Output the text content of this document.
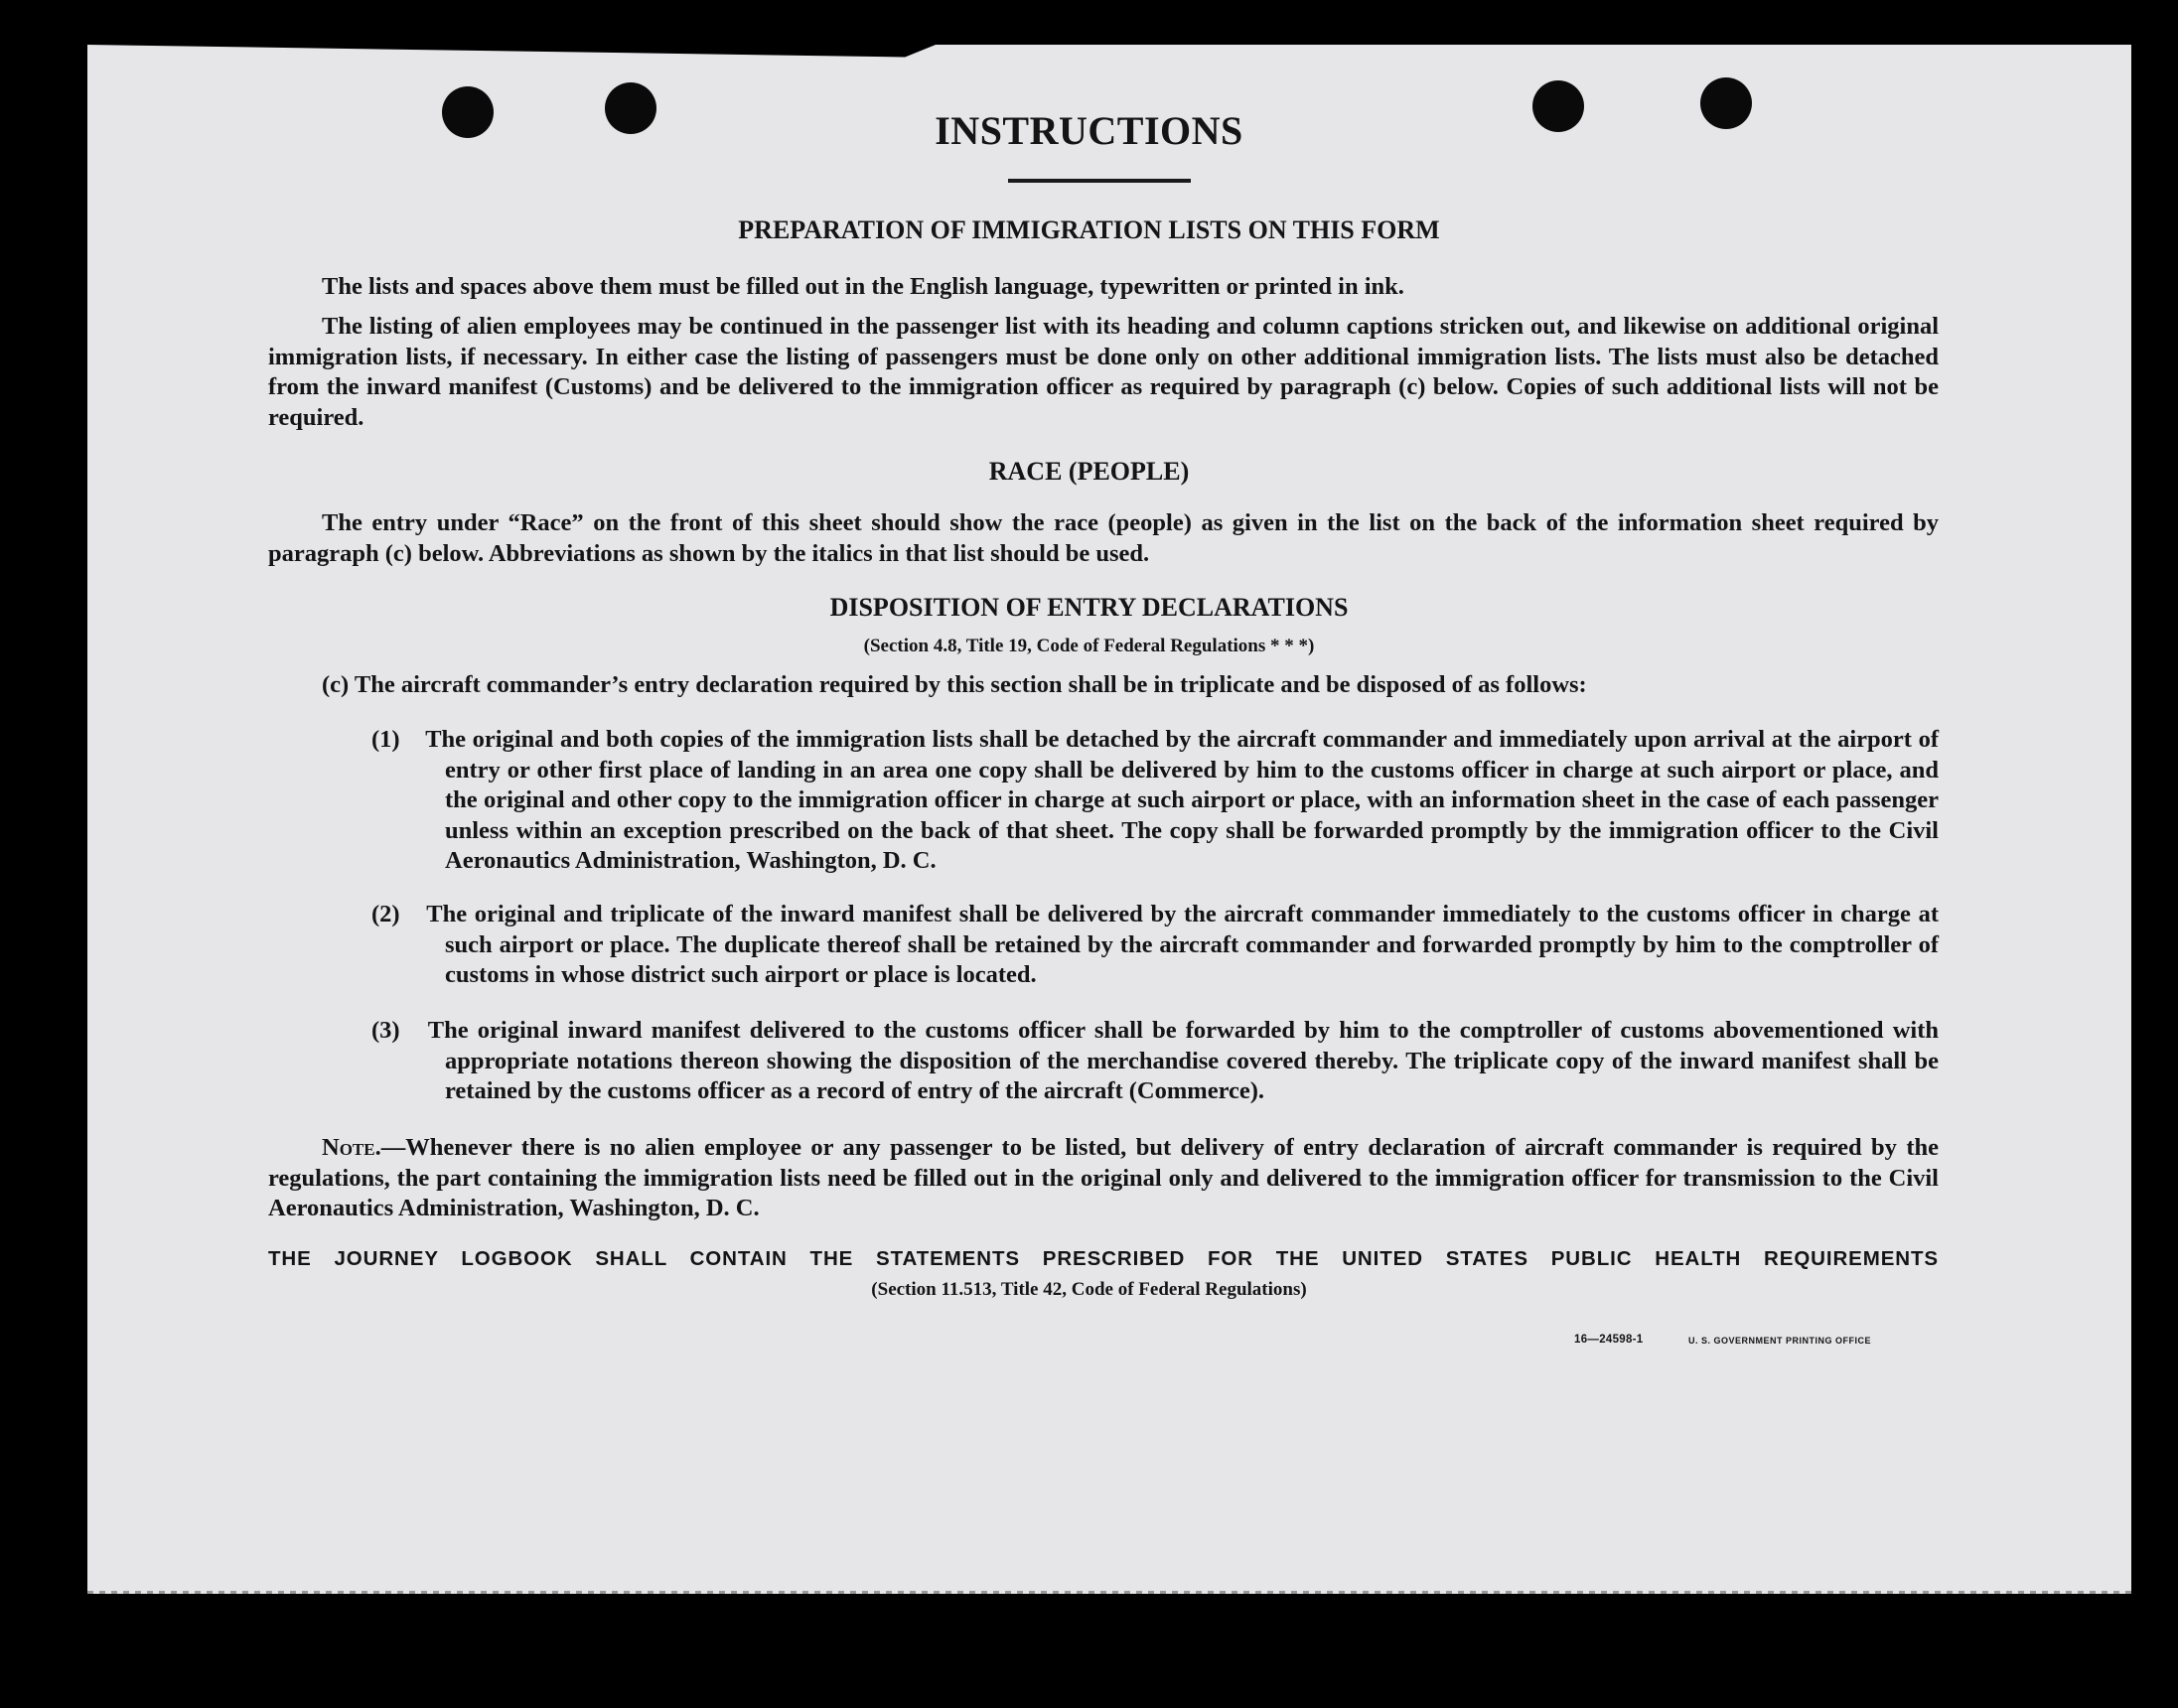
INSTRUCTIONS
PREPARATION OF IMMIGRATION LISTS ON THIS FORM

The lists and spaces above them must be filled out in the English language, typewritten or printed in ink.

The listing of alien employees may be continued in the passenger list with its heading and column captions stricken out, and likewise on additional original immigration lists, if necessary. In either case the listing of passengers must be done only on other additional immigration lists. The lists must also be detached from the inward manifest (Customs) and be delivered to the immigration officer as required by paragraph (c) below. Copies of such additional lists will not be required.

RACE (PEOPLE)

The entry under “Race” on the front of this sheet should show the race (people) as given in the list on the back of the information sheet required by paragraph (c) below. Abbreviations as shown by the italics in that list should be used.

DISPOSITION OF ENTRY DECLARATIONS
(Section 4.8, Title 19, Code of Federal Regulations * * *)

(c) The aircraft commander’s entry declaration required by this section shall be in triplicate and be disposed of as follows:

(1) The original and both copies of the immigration lists shall be detached by the aircraft commander and immediately upon arrival at the airport of entry or other first place of landing in an area one copy shall be delivered by him to the customs officer in charge at such airport or place, and the original and other copy to the immigration officer in charge at such airport or place, with an information sheet in the case of each passenger unless within an exception prescribed on the back of that sheet. The copy shall be forwarded promptly by the immigration officer to the Civil Aeronautics Administration, Washington, D. C.
(2) The original and triplicate of the inward manifest shall be delivered by the aircraft commander immediately to the customs officer in charge at such airport or place. The duplicate thereof shall be retained by the aircraft commander and forwarded promptly by him to the comptroller of customs in whose district such airport or place is located.
(3) The original inward manifest delivered to the customs officer shall be forwarded by him to the comptroller of customs abovementioned with appropriate notations thereon showing the disposition of the merchandise covered thereby. The triplicate copy of the inward manifest shall be retained by the customs officer as a record of entry of the aircraft (Commerce).

Note.—Whenever there is no alien employee or any passenger to be listed, but delivery of entry declaration of aircraft commander is required by the regulations, the part containing the immigration lists need be filled out in the original only and delivered to the immigration officer for transmission to the Civil Aeronautics Administration, Washington, D. C.

THE JOURNEY LOGBOOK SHALL CONTAIN THE STATEMENTS PRESCRIBED FOR THE UNITED STATES PUBLIC HEALTH REQUIREMENTS
(Section 11.513, Title 42, Code of Federal Regulations)
16—24598-1	U. S. GOVERNMENT PRINTING OFFICE
